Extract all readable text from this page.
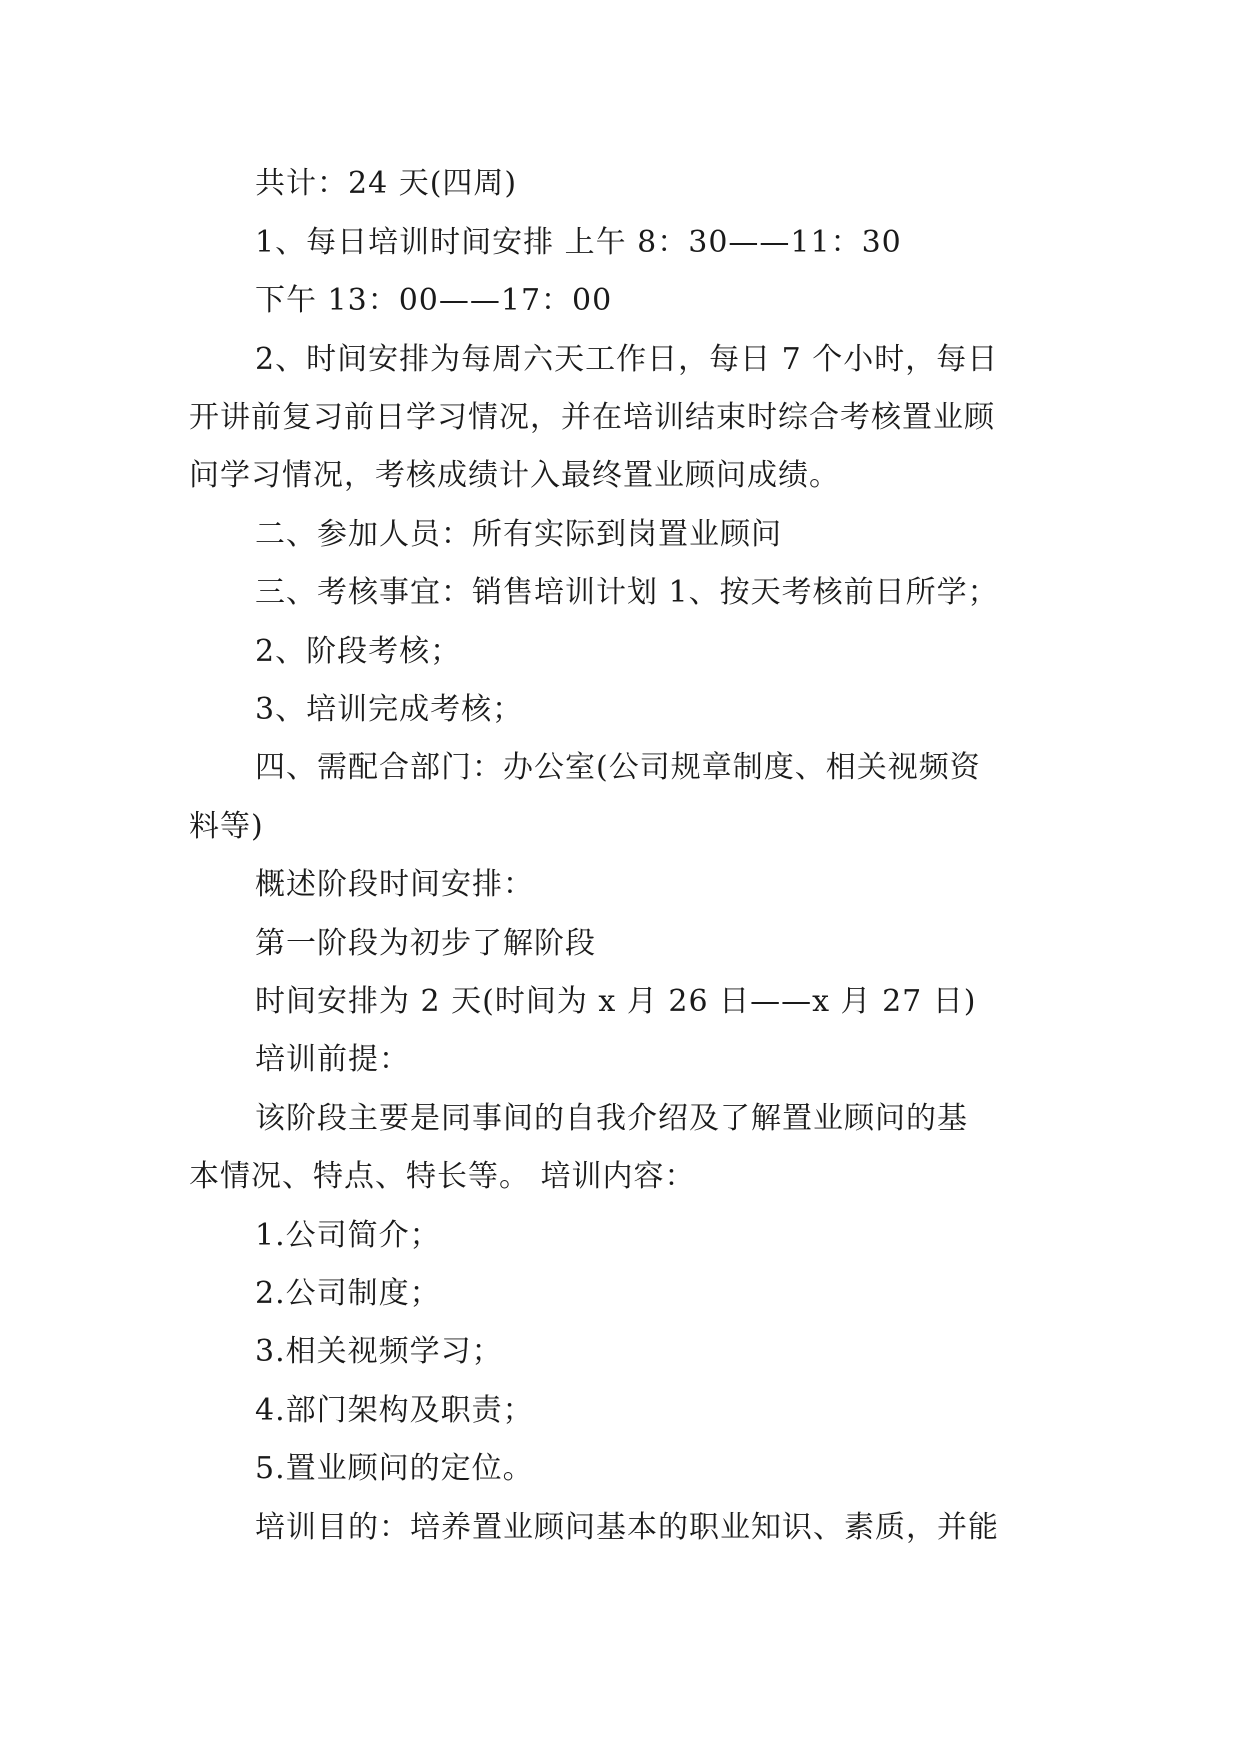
共计：24 天(四周)
1、每日培训时间安排 上午 8：30——11：30
下午 13：00——17：00
2、时间安排为每周六天工作日，每日 7 个小时，每日
开讲前复习前日学习情况，并在培训结束时综合考核置业顾
问学习情况，考核成绩计入最终置业顾问成绩。
二、参加人员：所有实际到岗置业顾问
三、考核事宜：销售培训计划 1、按天考核前日所学；
2、阶段考核；
3、培训完成考核；
四、需配合部门：办公室(公司规章制度、相关视频资
料等)
概述阶段时间安排：
第一阶段为初步了解阶段
时间安排为 2 天(时间为 x 月 26 日——x 月 27 日)
培训前提：
该阶段主要是同事间的自我介绍及了解置业顾问的基
本情况、特点、特长等。 培训内容：
1.公司简介；
2.公司制度；
3.相关视频学习；
4.部门架构及职责；
5.置业顾问的定位。
培训目的：培养置业顾问基本的职业知识、素质，并能
